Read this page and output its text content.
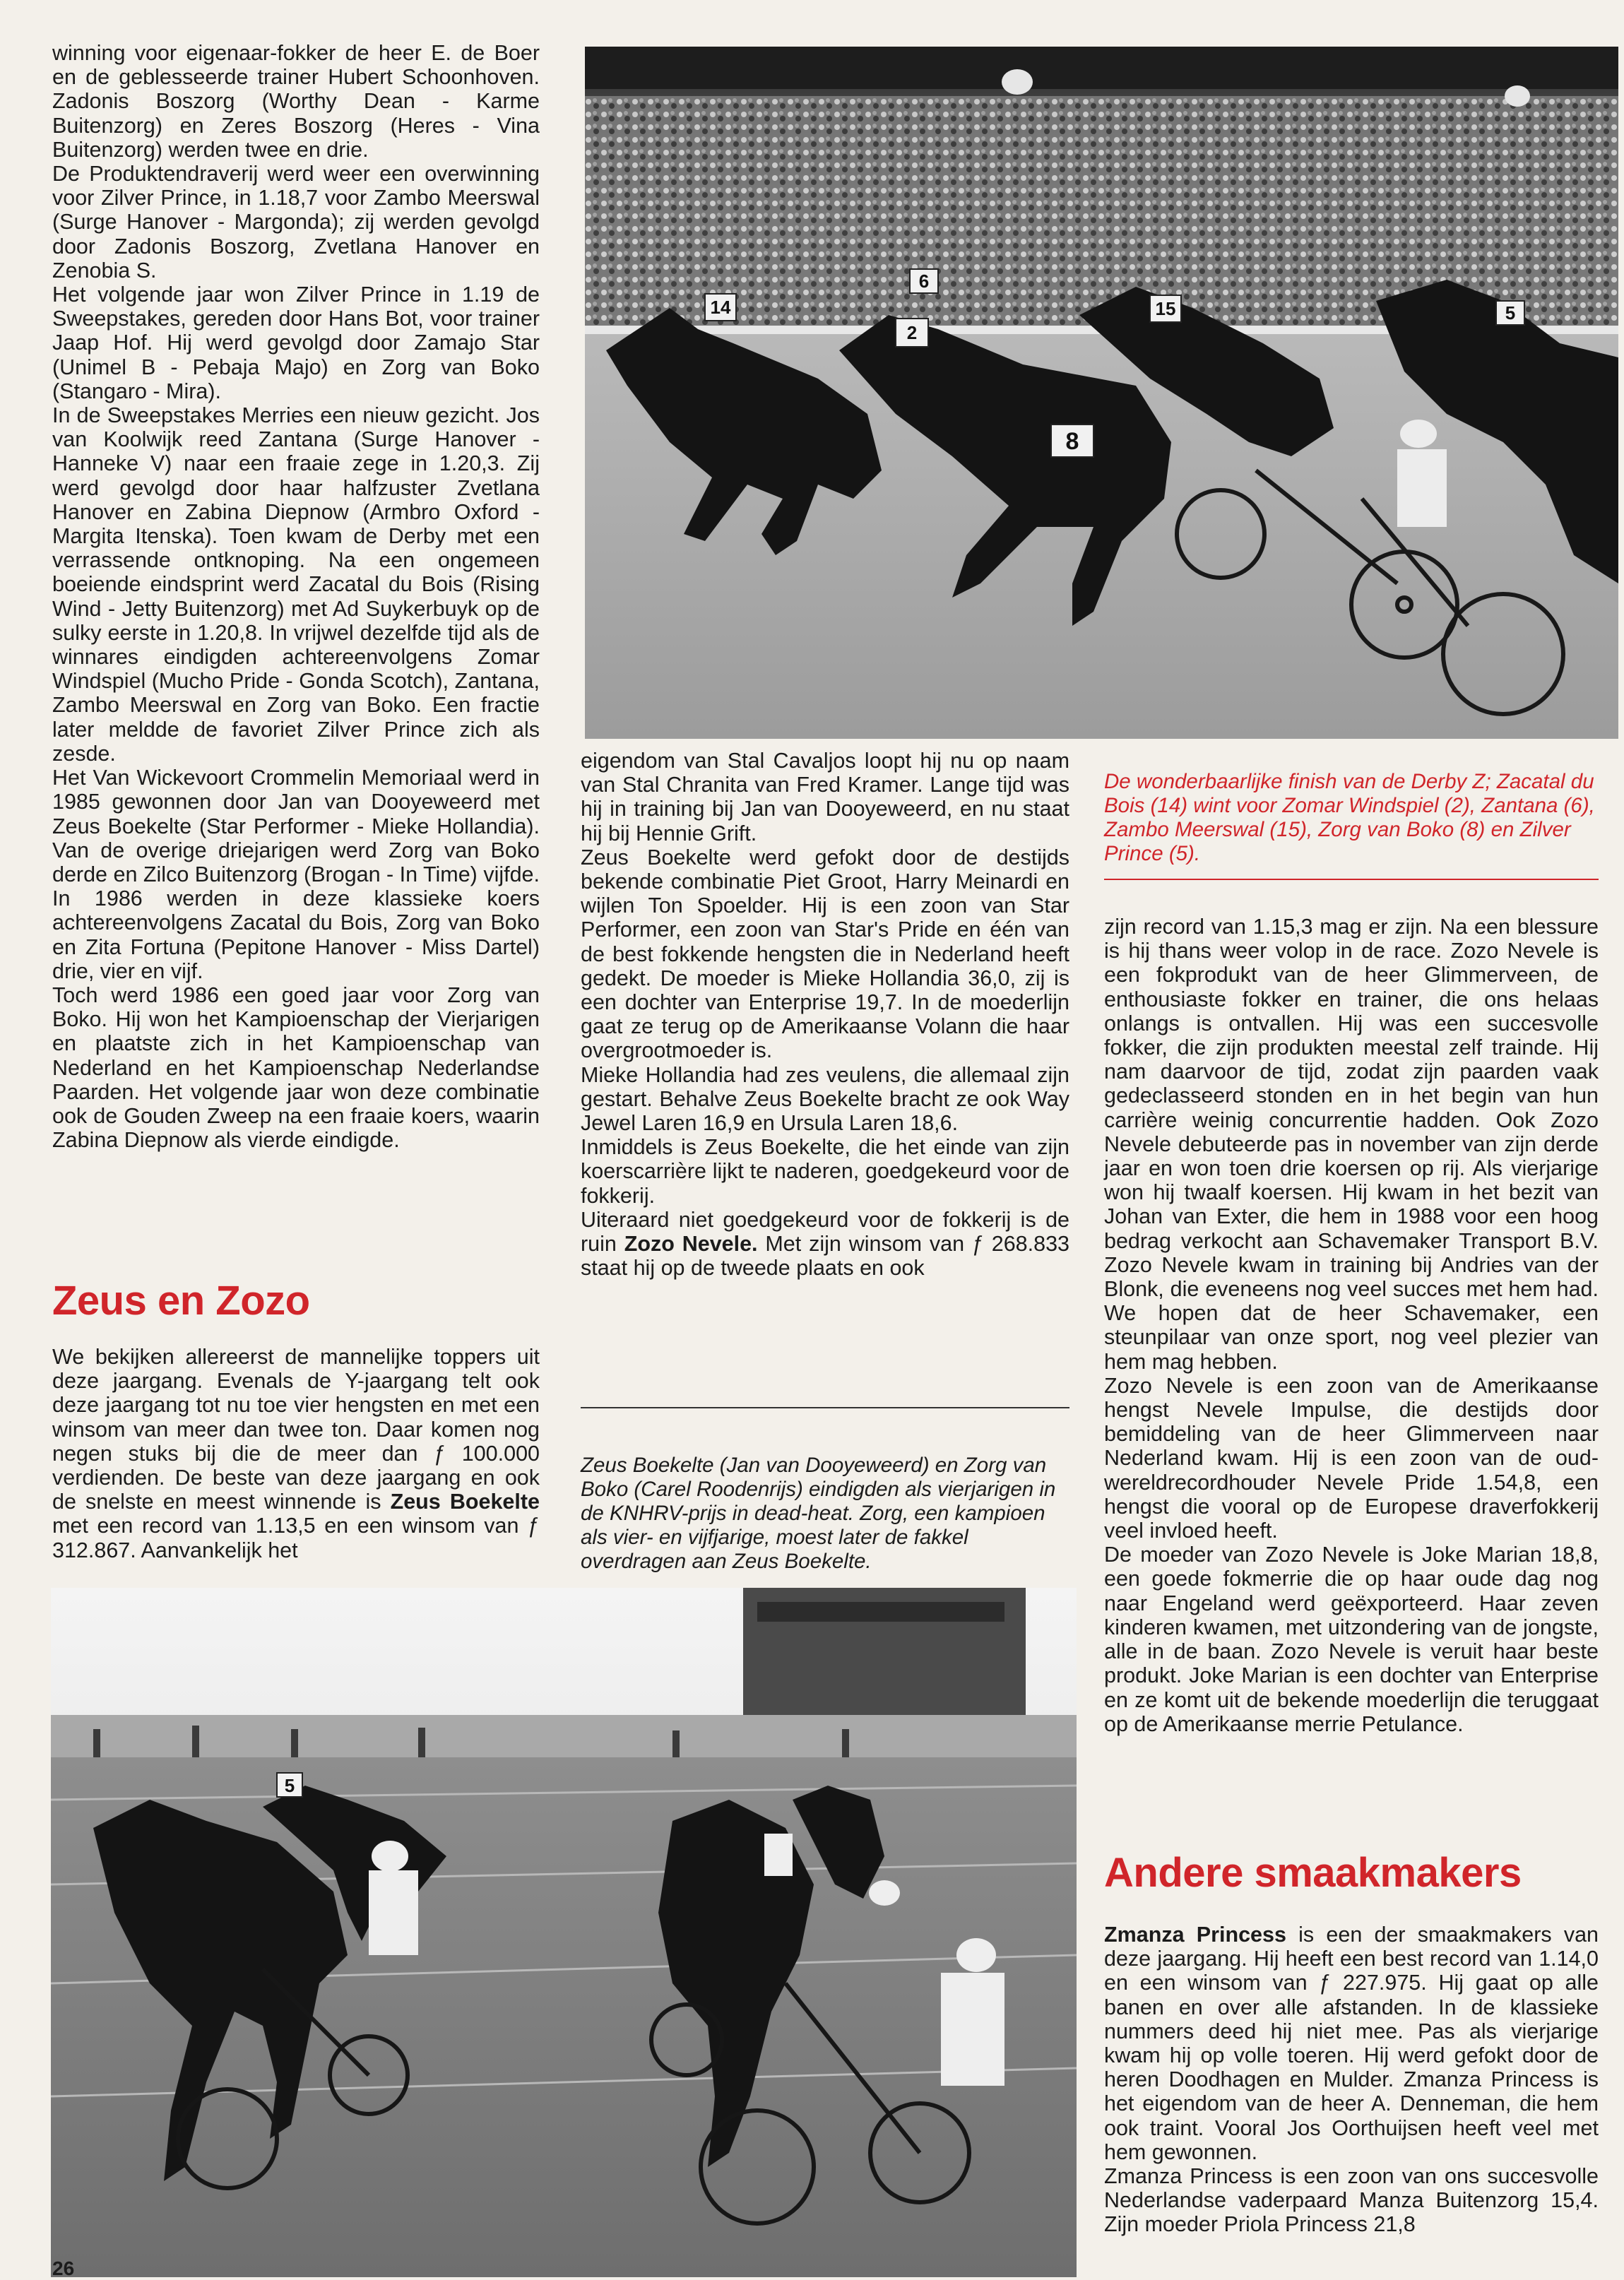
14
2
6
15
8
5

winning voor eigenaar-fokker de heer E. de Boer en de geblesseerde trainer Hubert Schoonhoven. Zadonis Boszorg (Worthy Dean - Karme Buitenzorg) en Zeres Boszorg (Heres - Vina Buitenzorg) werden twee en drie.
De Produktendraverij werd weer een overwinning voor Zilver Prince, in 1.18,7 voor Zambo Meerswal (Surge Hanover - Margonda); zij werden gevolgd door Zadonis Boszorg, Zvetlana Hanover en Zenobia S.
Het volgende jaar won Zilver Prince in 1.19 de Sweepstakes, gereden door Hans Bot, voor trainer Jaap Hof. Hij werd gevolgd door Zamajo Star (Unimel B - Pebaja Majo) en Zorg van Boko (Stangaro - Mira).
In de Sweepstakes Merries een nieuw gezicht. Jos van Koolwijk reed Zantana (Surge Hanover - Hanneke V) naar een fraaie zege in 1.20,3. Zij werd gevolgd door haar halfzuster Zvetlana Hanover en Zabina Diepnow (Armbro Oxford - Margita Itenska). Toen kwam de Derby met een verrassende ontknoping. Na een ongemeen boeiende eindsprint werd Zacatal du Bois (Rising Wind - Jetty Buitenzorg) met Ad Suykerbuyk op de sulky eerste in 1.20,8. In vrijwel dezelfde tijd als de winnares eindigden achtereenvolgens Zomar Windspiel (Mucho Pride - Gonda Scotch), Zantana, Zambo Meerswal en Zorg van Boko. Een fractie later meldde de favoriet Zilver Prince zich als zesde.
Het Van Wickevoort Crommelin Memoriaal werd in 1985 gewonnen door Jan van Dooyeweerd met Zeus Boekelte (Star Performer - Mieke Hollandia). Van de overige driejarigen werd Zorg van Boko derde en Zilco Buitenzorg (Brogan - In Time) vijfde. In 1986 werden in deze klassieke koers achtereenvolgens Zacatal du Bois, Zorg van Boko en Zita Fortuna (Pepitone Hanover - Miss Dartel) drie, vier en vijf.
Toch werd 1986 een goed jaar voor Zorg van Boko. Hij won het Kampioenschap der Vierjarigen en plaatste zich in het Kampioenschap van Nederland en het Kampioenschap Nederlandse Paarden. Het volgende jaar won deze combinatie ook de Gouden Zweep na een fraaie koers, waarin Zabina Diepnow als vierde eindigde.

Zeus en Zozo

We bekijken allereerst de mannelijke toppers uit deze jaargang. Evenals de Y-jaargang telt ook deze jaargang tot nu toe vier hengsten en met een winsom van meer dan twee ton. Daar komen nog negen stuks bij die de meer dan ƒ 100.000 verdienden. De beste van deze jaargang en ook de snelste en meest winnende is Zeus Boekelte met een record van 1.13,5 en een winsom van ƒ 312.867. Aanvankelijk het

eigendom van Stal Cavaljos loopt hij nu op naam van Stal Chranita van Fred Kramer. Lange tijd was hij in training bij Jan van Dooyeweerd, en nu staat hij bij Hennie Grift.
Zeus Boekelte werd gefokt door de destijds bekende combinatie Piet Groot, Harry Meinardi en wijlen Ton Spoelder. Hij is een zoon van Star Performer, een zoon van Star's Pride en één van de best fokkende hengsten die in Nederland heeft gedekt. De moeder is Mieke Hollandia 36,0, zij is een dochter van Enterprise 19,7. In de moederlijn gaat ze terug op de Amerikaanse Volann die haar overgrootmoeder is.
Mieke Hollandia had zes veulens, die allemaal zijn gestart. Behalve Zeus Boekelte bracht ze ook Way Jewel Laren 16,9 en Ursula Laren 18,6.
Inmiddels is Zeus Boekelte, die het einde van zijn koerscarrière lijkt te naderen, goedgekeurd voor de fokkerij.

Uiteraard niet goedgekeurd voor de fokkerij is de ruin Zozo Nevele. Met zijn winsom van ƒ 268.833 staat hij op de tweede plaats en ook

De wonderbaarlijke finish van de Derby Z; Zacatal du Bois (14) wint voor Zomar Windspiel (2), Zantana (6), Zambo Meerswal (15), Zorg van Boko (8) en Zilver Prince (5).

Zeus Boekelte (Jan van Dooyeweerd) en Zorg van Boko (Carel Roodenrijs) eindigden als vierjarigen in de KNHRV-prijs in dead-heat. Zorg, een kampioen als vier- en vijfjarige, moest later de fakkel overdragen aan Zeus Boekelte.

zijn record van 1.15,3 mag er zijn. Na een blessure is hij thans weer volop in de race. Zozo Nevele is een fokprodukt van de heer Glimmerveen, de enthousiaste fokker en trainer, die ons helaas onlangs is ontvallen. Hij was een succesvolle fokker, die zijn produkten meestal zelf trainde. Hij nam daarvoor de tijd, zodat zijn paarden vaak gedeclasseerd stonden en in het begin van hun carrière weinig concurrentie hadden. Ook Zozo Nevele debuteerde pas in november van zijn derde jaar en won toen drie koersen op rij. Als vierjarige won hij twaalf koersen. Hij kwam in het bezit van Johan van Exter, die hem in 1988 voor een hoog bedrag verkocht aan Schavemaker Transport B.V. Zozo Nevele kwam in training bij Andries van der Blonk, die eveneens nog veel succes met hem had. We hopen dat de heer Schavemaker, een steunpilaar van onze sport, nog veel plezier van hem mag hebben.
Zozo Nevele is een zoon van de Amerikaanse hengst Nevele Impulse, die destijds door bemiddeling van de heer Glimmerveen naar Nederland kwam. Hij is een zoon van de oud-wereldrecordhouder Nevele Pride 1.54,8, een hengst die vooral op de Europese draverfokkerij veel invloed heeft.
De moeder van Zozo Nevele is Joke Marian 18,8, een goede fokmerrie die op haar oude dag nog naar Engeland werd geëxporteerd. Haar zeven kinderen kwamen, met uitzondering van de jongste, alle in de baan. Zozo Nevele is veruit haar beste produkt. Joke Marian is een dochter van Enterprise en ze komt uit de bekende moederlijn die teruggaat op de Amerikaanse merrie Petulance.

Andere smaakmakers

Zmanza Princess is een der smaakmakers van deze jaargang. Hij heeft een best record van 1.14,0 en een winsom van ƒ 227.975. Hij gaat op alle banen en over alle afstanden. In de klassieke nummers deed hij niet mee. Pas als vierjarige kwam hij op volle toeren. Hij werd gefokt door de heren Doodhagen en Mulder. Zmanza Princess is het eigendom van de heer A. Denneman, die hem ook traint. Vooral Jos Oorthuijsen heeft veel met hem gewonnen.
Zmanza Princess is een zoon van ons succesvolle Nederlandse vaderpaard Manza Buitenzorg 15,4. Zijn moeder Priola Princess 21,8

5
26
